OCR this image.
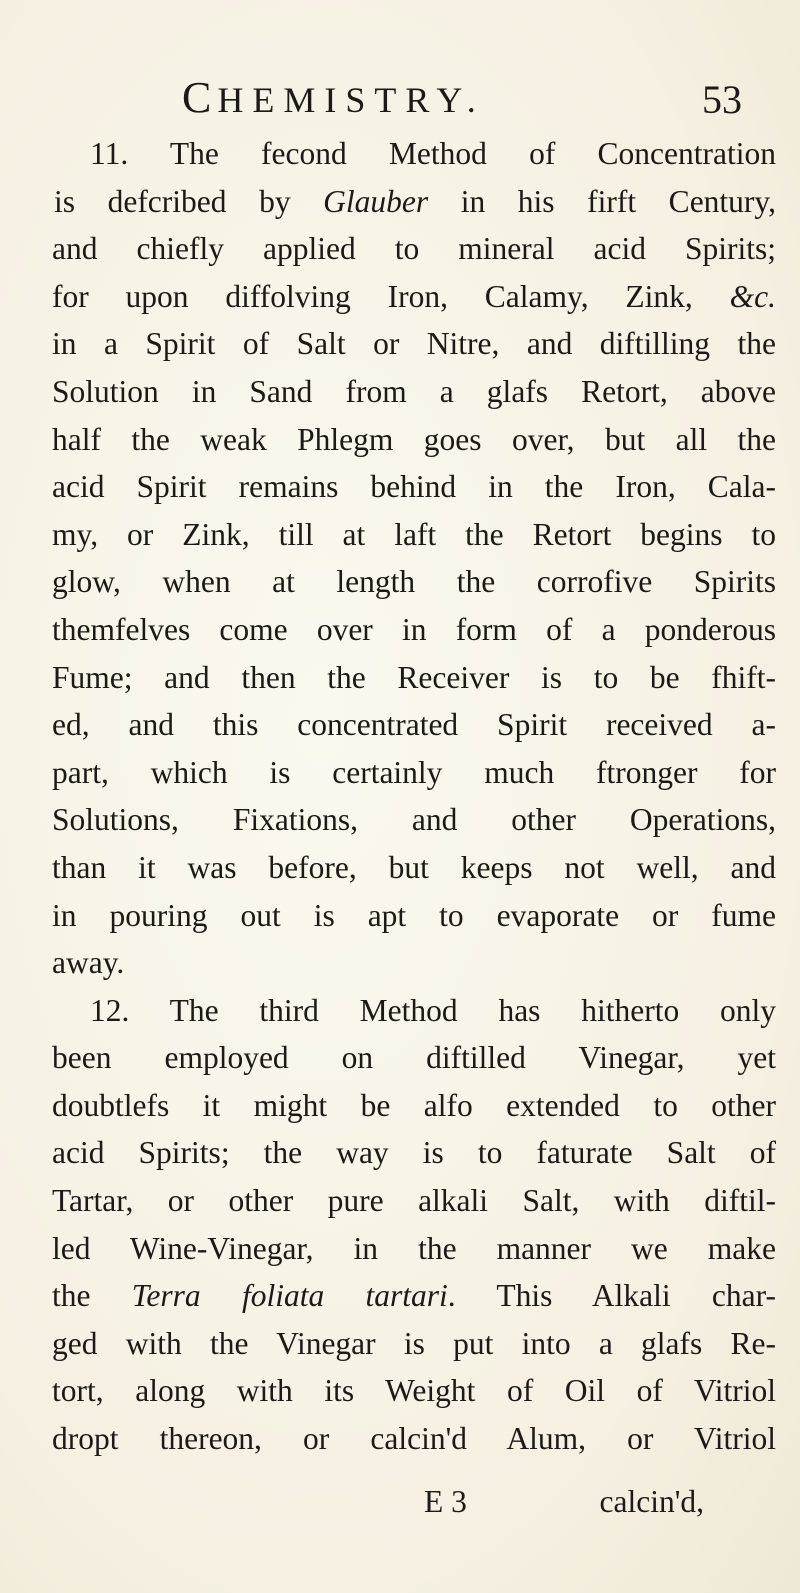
CHEMISTRY.	53
11. The fecond Method of Concentration
is defcribed by Glauber in his firft Century,
and chiefly applied to mineral acid Spirits;
for upon diffolving Iron, Calamy, Zink, &c.
in a Spirit of Salt or Nitre, and diftilling the
Solution in Sand from a glafs Retort, above
half the weak Phlegm goes over, but all the
acid Spirit remains behind in the Iron, Cala-
my, or Zink, till at laft the Retort begins to
glow, when at length the corrofive Spirits
themfelves come over in form of a ponderous
Fume; and then the Receiver is to be fhift-
ed, and this concentrated Spirit received a-
part, which is certainly much ftronger for
Solutions, Fixations, and other Operations,
than it was before, but keeps not well, and
in pouring out is apt to evaporate or fume
away.
12. The third Method has hitherto only
been employed on diftilled Vinegar, yet
doubtlefs it might be alfo extended to other
acid Spirits; the way is to faturate Salt of
Tartar, or other pure alkali Salt, with diftil-
led Wine-Vinegar, in the manner we make
the Terra foliata tartari. This Alkali char-
ged with the Vinegar is put into a glafs Re-
tort, along with its Weight of Oil of Vitriol
dropt thereon, or calcin'd Alum, or Vitriol
E 3	calcin'd,
